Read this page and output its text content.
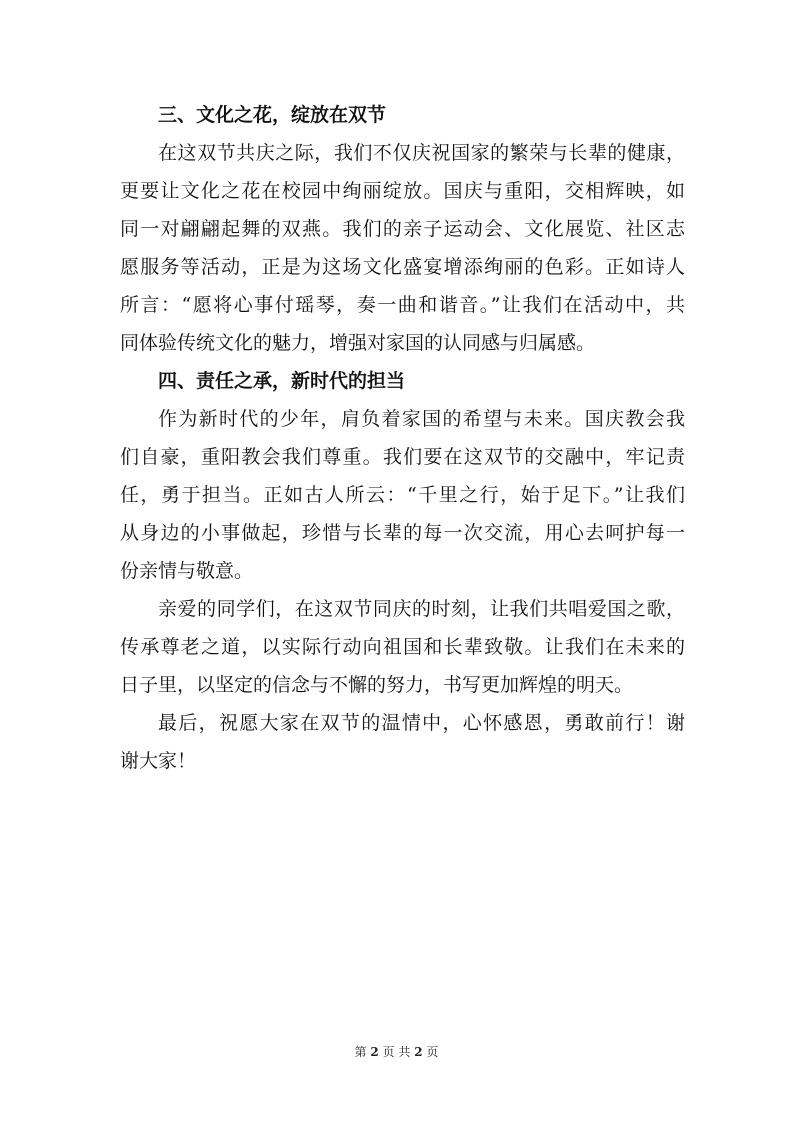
三、文化之花，绽放在双节

在这双节共庆之际，我们不仅庆祝国家的繁荣与长辈的健康，
更要让文化之花在校园中绚丽绽放。国庆与重阳，交相辉映，如
同一对翩翩起舞的双燕。我们的亲子运动会、文化展览、社区志
愿服务等活动，正是为这场文化盛宴增添绚丽的色彩。正如诗人
所言：“愿将心事付瑶琴，奏一曲和谐音。”让我们在活动中，共
同体验传统文化的魅力，增强对家国的认同感与归属感。

四、责任之承，新时代的担当

作为新时代的少年，肩负着家国的希望与未来。国庆教会我
们自豪，重阳教会我们尊重。我们要在这双节的交融中，牢记责
任，勇于担当。正如古人所云：“千里之行，始于足下。”让我们
从身边的小事做起，珍惜与长辈的每一次交流，用心去呵护每一
份亲情与敬意。

亲爱的同学们，在这双节同庆的时刻，让我们共唱爱国之歌，
传承尊老之道，以实际行动向祖国和长辈致敬。让我们在未来的
日子里，以坚定的信念与不懈的努力，书写更加辉煌的明天。

最后，祝愿大家在双节的温情中，心怀感恩，勇敢前行！谢
谢大家！

第 2 页 共 2 页
